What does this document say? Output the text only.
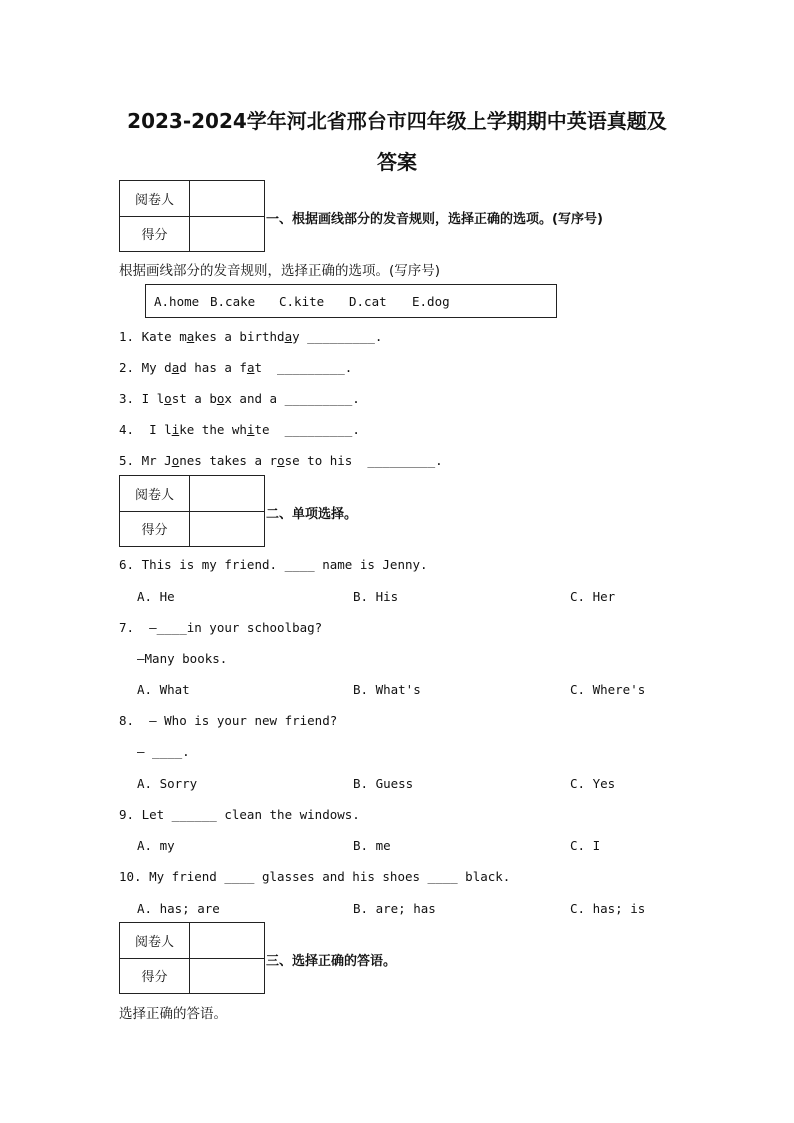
2023-2024学年河北省邢台市四年级上学期期中英语真题及
答案
阅卷人	
得分	
一、根据画线部分的发音规则，选择正确的选项。(写序号)
根据画线部分的发音规则，选择正确的选项。(写序号)
A.home B.cake C.kite D.cat E.dog
1. Kate makes a birthday _________.
2. My dad has a fat  _________.
3. I lost a box and a _________.
4.  I like the white  _________.
5. Mr Jones takes a rose to his  _________.
阅卷人	
得分	
二、单项选择。
6. This is my friend. ____ name is Jenny.
A. He	B. His	C. Her
7.  —____in your schoolbag?
—Many books.
A. What	B. What's	C. Where's
8.  — Who is your new friend?
— ____.
A. Sorry	B. Guess	C. Yes
9. Let ______ clean the windows.
A. my	B. me	C. I
10. My friend ____ glasses and his shoes ____ black.
A. has; are	B. are; has	C. has; is
阅卷人	
得分	
三、选择正确的答语。
选择正确的答语。
